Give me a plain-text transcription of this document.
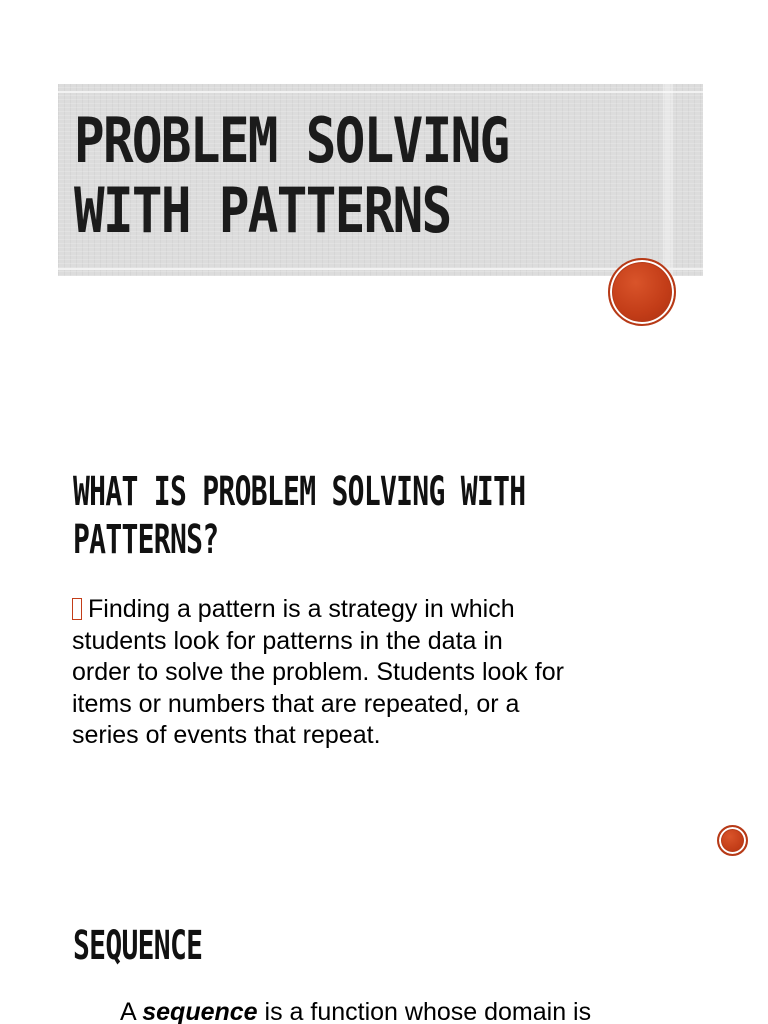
PROBLEM SOLVING
WITH PATTERNS
WHAT IS PROBLEM SOLVING WITH
PATTERNS?
Finding a pattern is a strategy in which
students look for patterns in the data in
order to solve the problem. Students look for
items or numbers that are repeated, or a
series of events that repeat.
SEQUENCE
A sequence is a function whose domain is
